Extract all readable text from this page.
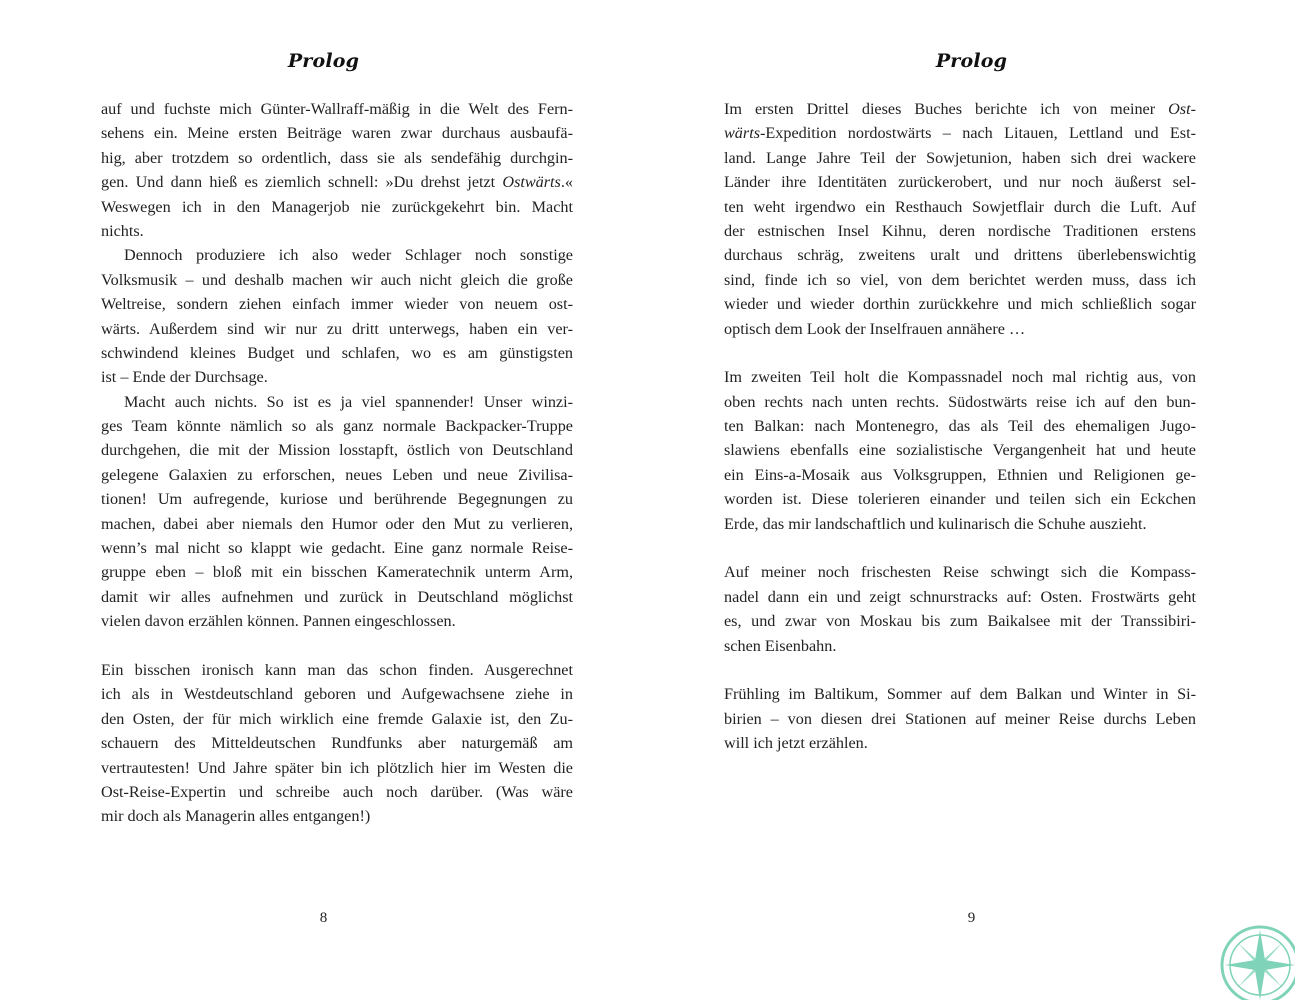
Prolog
auf und fuchste mich Günter-Wallraff-mäßig in die Welt des Fern-
sehens ein. Meine ersten Beiträge waren zwar durchaus ausbaufä-
hig, aber trotzdem so ordentlich, dass sie als sendefähig durchgin-
gen. Und dann hieß es ziemlich schnell: »Du drehst jetzt Ostwärts.«
Weswegen ich in den Managerjob nie zurückgekehrt bin. Macht
nichts.
Dennoch produziere ich also weder Schlager noch sonstige
Volksmusik – und deshalb machen wir auch nicht gleich die große
Weltreise, sondern ziehen einfach immer wieder von neuem ost-
wärts. Außerdem sind wir nur zu dritt unterwegs, haben ein ver-
schwindend kleines Budget und schlafen, wo es am günstigsten
ist – Ende der Durchsage.
Macht auch nichts. So ist es ja viel spannender! Unser winzi-
ges Team könnte nämlich so als ganz normale Backpacker-Truppe
durchgehen, die mit der Mission losstapft, östlich von Deutschland
gelegene Galaxien zu erforschen, neues Leben und neue Zivilisa-
tionen! Um aufregende, kuriose und berührende Begegnungen zu
machen, dabei aber niemals den Humor oder den Mut zu verlieren,
wenn’s mal nicht so klappt wie gedacht. Eine ganz normale Reise-
gruppe eben – bloß mit ein bisschen Kameratechnik unterm Arm,
damit wir alles aufnehmen und zurück in Deutschland möglichst
vielen davon erzählen können. Pannen eingeschlossen.
Ein bisschen ironisch kann man das schon finden. Ausgerechnet
ich als in Westdeutschland geboren und Aufgewachsene ziehe in
den Osten, der für mich wirklich eine fremde Galaxie ist, den Zu-
schauern des Mitteldeutschen Rundfunks aber naturgemäß am
vertrautesten! Und Jahre später bin ich plötzlich hier im Westen die
Ost-Reise-Expertin und schreibe auch noch darüber. (Was wäre
mir doch als Managerin alles entgangen!)
8
Prolog
Im ersten Drittel dieses Buches berichte ich von meiner Ost-
wärts-Expedition nordostwärts – nach Litauen, Lettland und Est-
land. Lange Jahre Teil der Sowjetunion, haben sich drei wackere
Länder ihre Identitäten zurückerobert, und nur noch äußerst sel-
ten weht irgendwo ein Resthauch Sowjetflair durch die Luft. Auf
der estnischen Insel Kihnu, deren nordische Traditionen erstens
durchaus schräg, zweitens uralt und drittens überlebenswichtig
sind, finde ich so viel, von dem berichtet werden muss, dass ich
wieder und wieder dorthin zurückkehre und mich schließlich sogar
optisch dem Look der Inselfrauen annähere …
Im zweiten Teil holt die Kompassnadel noch mal richtig aus, von
oben rechts nach unten rechts. Südostwärts reise ich auf den bun-
ten Balkan: nach Montenegro, das als Teil des ehemaligen Jugo-
slawiens ebenfalls eine sozialistische Vergangenheit hat und heute
ein Eins-a-Mosaik aus Volksgruppen, Ethnien und Religionen ge-
worden ist. Diese tolerieren einander und teilen sich ein Eckchen
Erde, das mir landschaftlich und kulinarisch die Schuhe auszieht.
Auf meiner noch frischesten Reise schwingt sich die Kompass-
nadel dann ein und zeigt schnurstracks auf: Osten. Frostwärts geht
es, und zwar von Moskau bis zum Baikalsee mit der Transsibiri-
schen Eisenbahn.
Frühling im Baltikum, Sommer auf dem Balkan und Winter in Si-
birien – von diesen drei Stationen auf meiner Reise durchs Leben
will ich jetzt erzählen.
9
